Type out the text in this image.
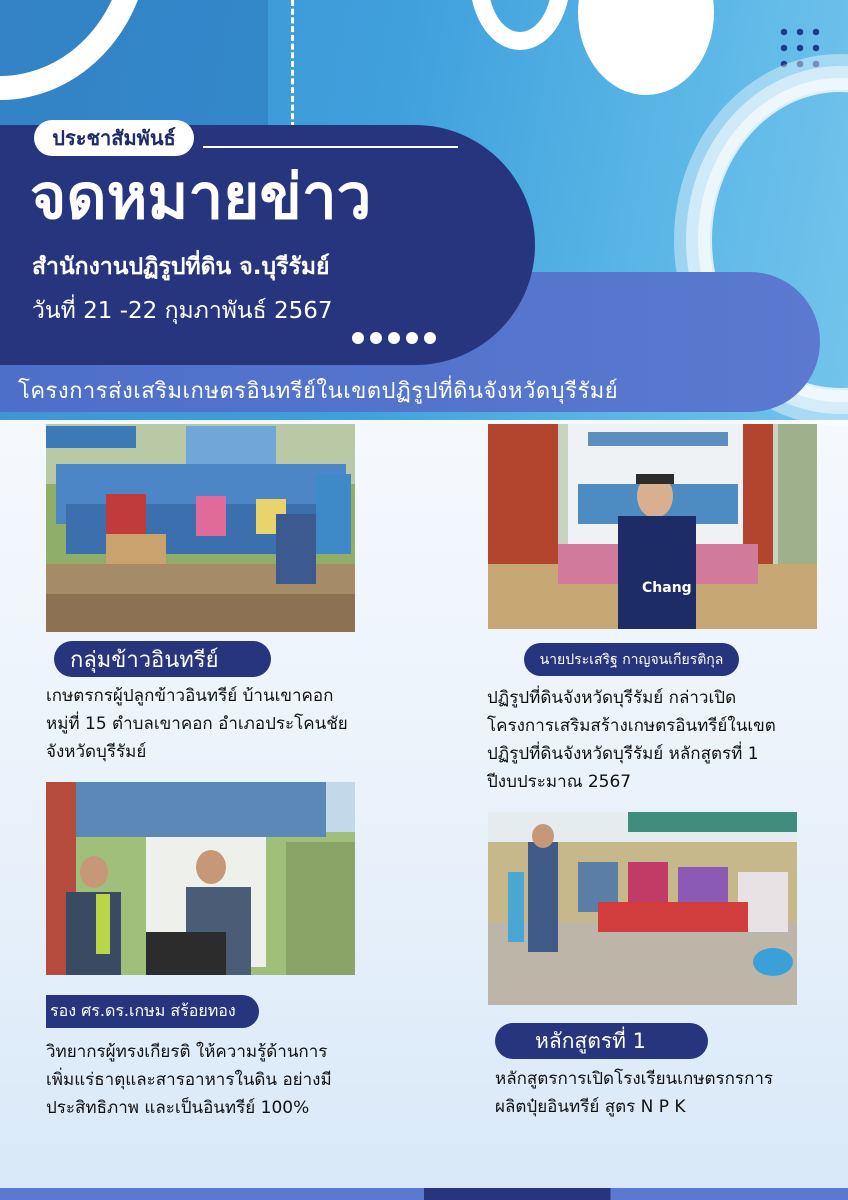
โครงการส่งเสริมเกษตรอินทรีย์ในเขตปฏิรูปที่ดินจังหวัดบุรีรัมย์
ประชาสัมพันธ์
จดหมายข่าว
สำนักงานปฏิรูปที่ดิน จ.บุรีรัมย์
วันที่ 21 -22 กุมภาพันธ์ 2567
Chang
กลุ่มข้าวอินทรีย์	นายประเสริฐ กาญจนเกียรติกุล
รอง ศร.ดร.เกษม สร้อยทอง
หลักสูตรที่ 1
เกษตรกรผู้ปลูกข้าวอินทรีย์ บ้านเขาคอก
หมู่ที่ 15 ตำบลเขาคอก อำเภอประโคนชัย
จังหวัดบุรีรัมย์
ปฏิรูปที่ดินจังหวัดบุรีรัมย์ กล่าวเปิด
โครงการเสริมสร้างเกษตรอินทรีย์ในเขต
ปฏิรูปที่ดินจังหวัดบุรีรัมย์ หลักสูตรที่ 1
ปีงบประมาณ 2567
วิทยากรผู้ทรงเกียรติ ให้ความรู้ด้านการ
เพิ่มแร่ธาตุและสารอาหารในดิน อย่างมี
ประสิทธิภาพ และเป็นอินทรีย์ 100%
หลักสูตรการเปิดโรงเรียนเกษตรกรการ
ผลิตปุ๋ยอินทรีย์ สูตร N P K
